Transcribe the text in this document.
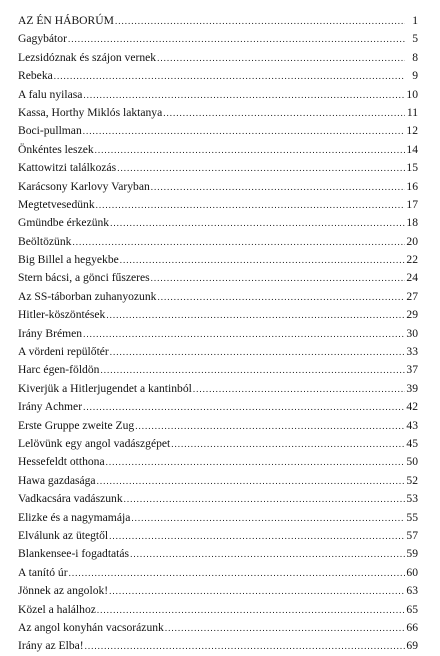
AZ ÉN HÁBORÚM .....	1
Gagybátor .....	5
Lezsidóznak és szájon vernek .....	8
Rebeka .....	9
A falu nyilasa .....	10
Kassa, Horthy Miklós laktanya .....	11
Boci-pullman .....	12
Önkéntes leszek .....	14
Kattowitzi találkozás .....	15
Karácsony Karlovy Varyban .....	16
Megtetvesedünk .....	17
Gmündbe érkezünk .....	18
Beöltözünk .....	20
Big Billel a hegyekbe .....	22
Stern bácsi, a gönci fűszeres .....	24
Az SS-táborban zuhanyozunk .....	27
Hitler-köszöntések .....	29
Irány Brémen .....	30
A vördeni repülőtér .....	33
Harc égen-földön .....	37
Kiverjük a Hitlerjugendet a kantinból .....	39
Irány Achmer .....	42
Erste Gruppe zweite Zug .....	43
Lelövünk egy angol vadászgépet .....	45
Hessefeldt otthona .....	50
Hawa gazdasága .....	52
Vadkacsára vadászunk .....	53
Elizke és a nagymamája .....	55
Elválunk az ütegtől .....	57
Blankensee-i fogadtatás .....	59
A tanító úr .....	60
Jönnek az angolok! .....	63
Közel a halálhoz .....	65
Az angol konyhán vacsorázunk .....	66
Irány az Elba! .....	69
